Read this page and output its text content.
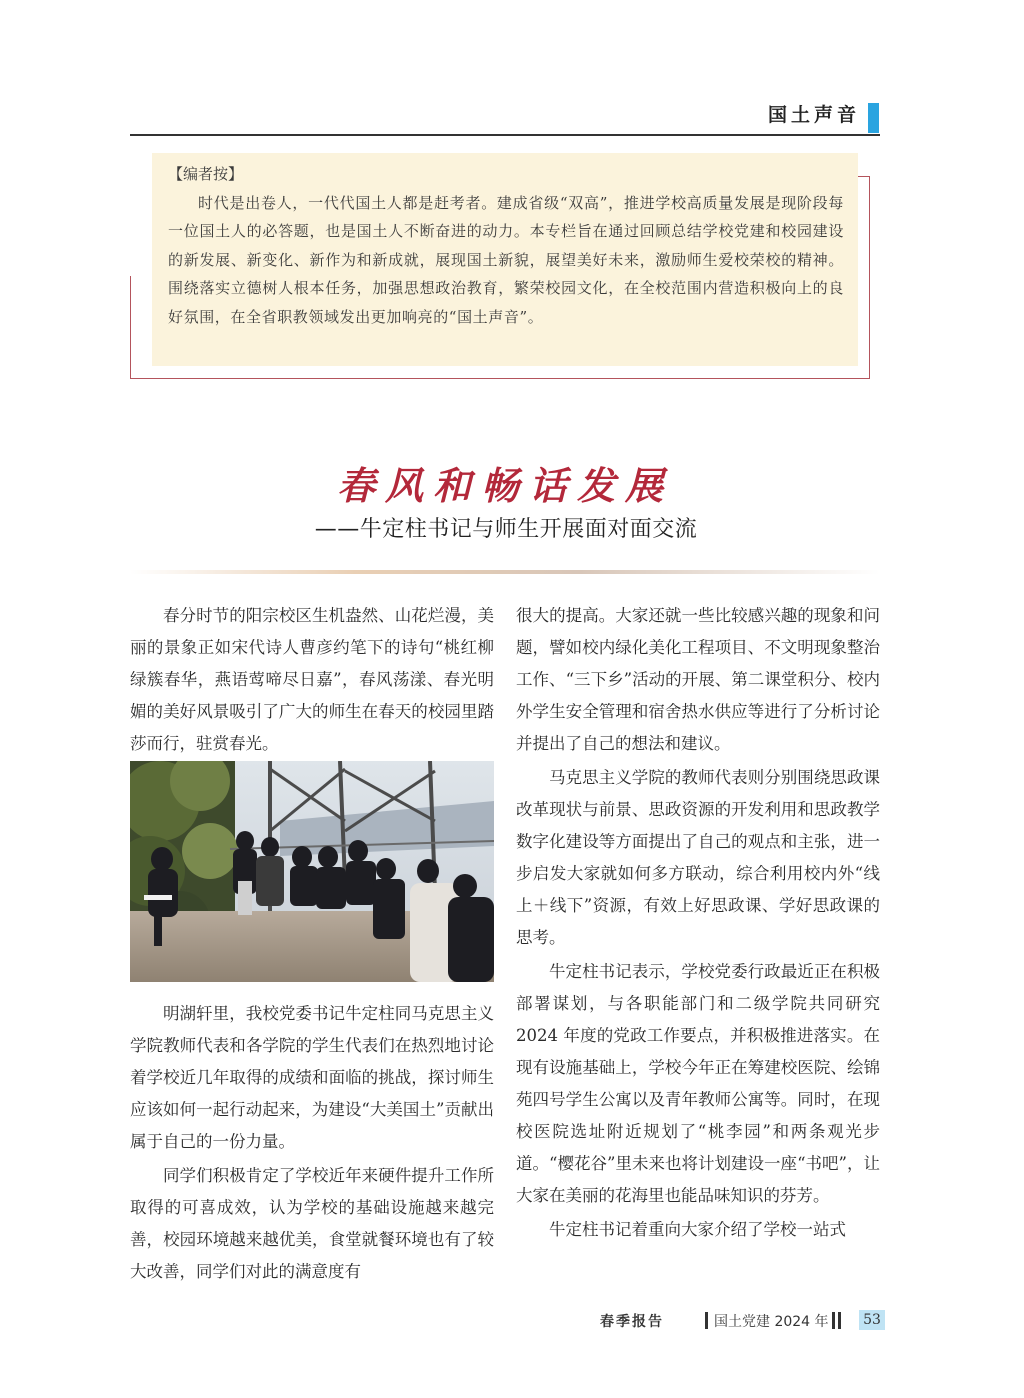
国土声音

【编者按】

时代是出卷人，一代代国土人都是赶考者。建成省级“双高”，推进学校高质量发展是现阶段每一位国土人的必答题，也是国土人不断奋进的动力。本专栏旨在通过回顾总结学校党建和校园建设的新发展、新变化、新作为和新成就，展现国土新貌，展望美好未来，激励师生爱校荣校的精神。围绕落实立德树人根本任务，加强思想政治教育，繁荣校园文化，在全校范围内营造积极向上的良好氛围，在全省职教领域发出更加响亮的“国土声音”。

春风和畅话发展
——牛定柱书记与师生开展面对面交流

春分时节的阳宗校区生机盎然、山花烂漫，美丽的景象正如宋代诗人曹彦约笔下的诗句“桃红柳绿簇春华，燕语莺啼尽日嘉”，春风荡漾、春光明媚的美好风景吸引了广大的师生在春天的校园里踏莎而行，驻赏春光。

明湖轩里，我校党委书记牛定柱同马克思主义学院教师代表和各学院的学生代表们在热烈地讨论着学校近几年取得的成绩和面临的挑战，探讨师生应该如何一起行动起来，为建设“大美国土”贡献出属于自己的一份力量。

同学们积极肯定了学校近年来硬件提升工作所取得的可喜成效，认为学校的基础设施越来越完善，校园环境越来越优美，食堂就餐环境也有了较大改善，同学们对此的满意度有

很大的提高。大家还就一些比较感兴趣的现象和问题，譬如校内绿化美化工程项目、不文明现象整治工作、“三下乡”活动的开展、第二课堂积分、校内外学生安全管理和宿舍热水供应等进行了分析讨论并提出了自己的想法和建议。

马克思主义学院的教师代表则分别围绕思政课改革现状与前景、思政资源的开发利用和思政教学数字化建设等方面提出了自己的观点和主张，进一步启发大家就如何多方联动，综合利用校内外“线上＋线下”资源，有效上好思政课、学好思政课的思考。

牛定柱书记表示，学校党委行政最近正在积极部署谋划，与各职能部门和二级学院共同研究 2024 年度的党政工作要点，并积极推进落实。在现有设施基础上，学校今年正在筹建校医院、绘锦苑四号学生公寓以及青年教师公寓等。同时，在现校医院选址附近规划了“桃李园”和两条观光步道。“樱花谷”里未来也将计划建设一座“书吧”，让大家在美丽的花海里也能品味知识的芬芳。

牛定柱书记着重向大家介绍了学校一站式

春季报告	国土党建 2024 年 53
